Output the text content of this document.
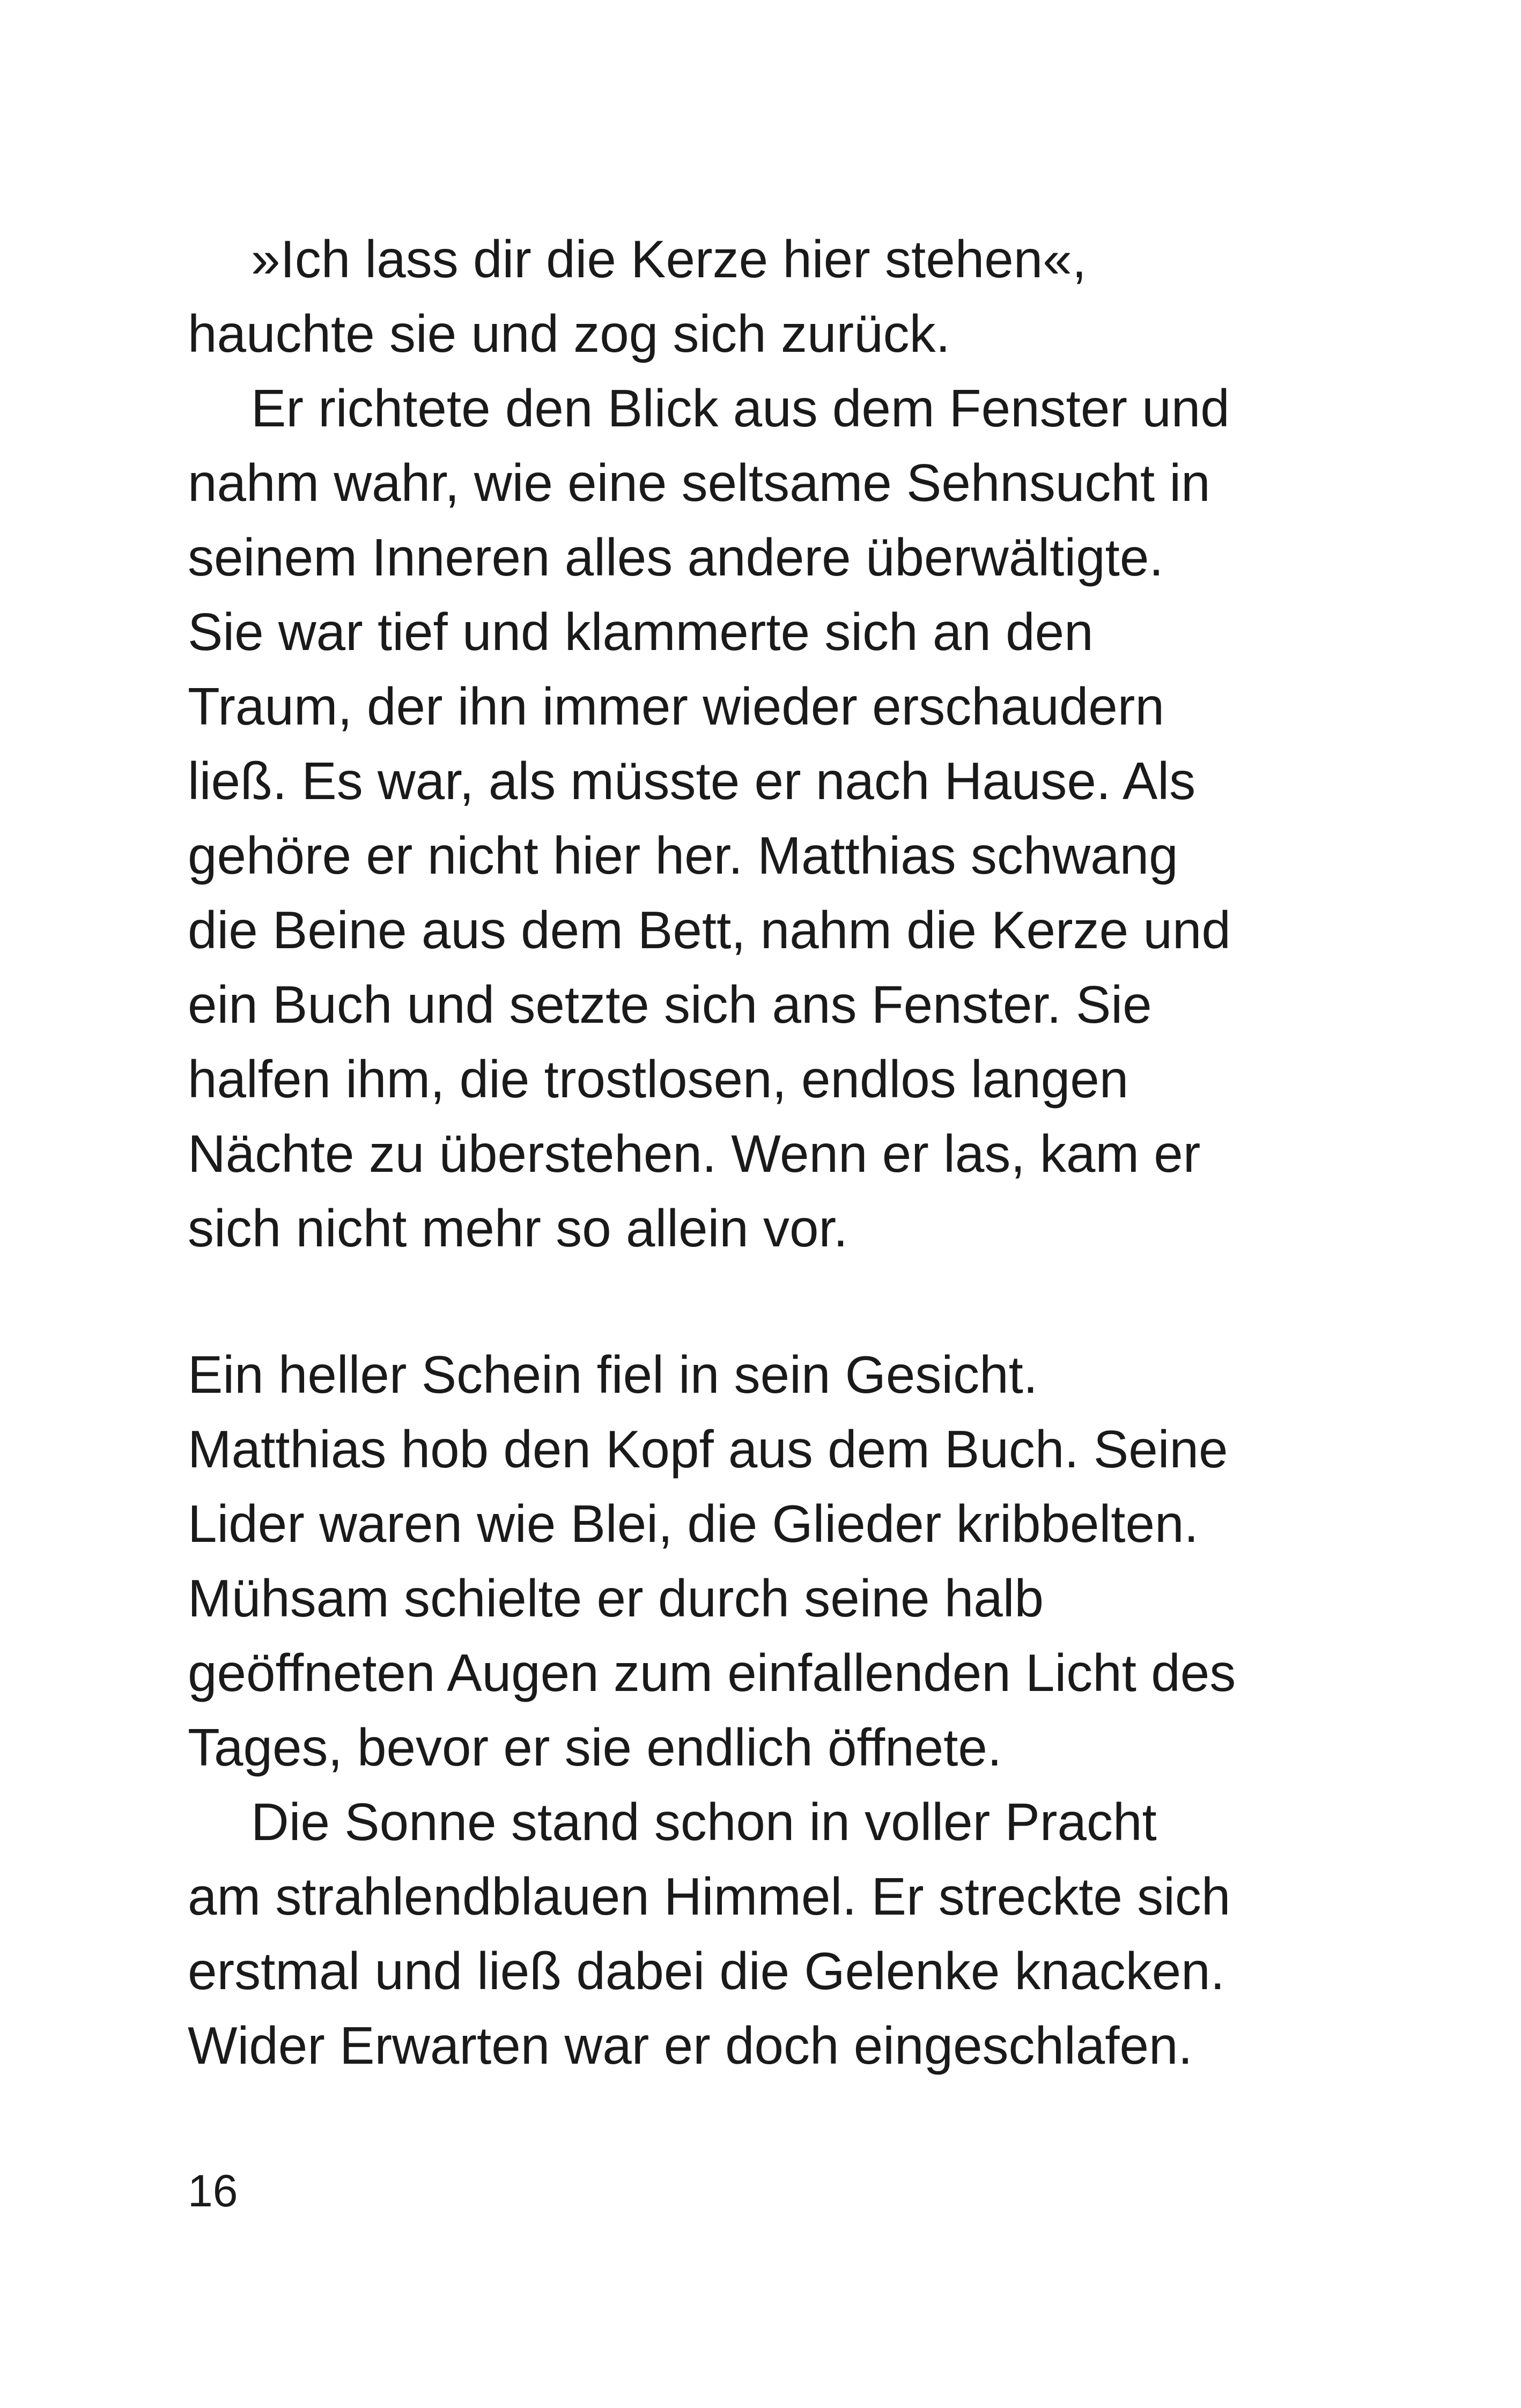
»Ich lass dir die Kerze hier stehen«,
hauchte sie und zog sich zurück.
Er richtete den Blick aus dem Fenster und
nahm wahr, wie eine seltsame Sehnsucht in
seinem Inneren alles andere überwältigte.
Sie war tief und klammerte sich an den
Traum, der ihn immer wieder erschaudern
ließ. Es war, als müsste er nach Hause. Als
gehöre er nicht hier her. Matthias schwang
die Beine aus dem Bett, nahm die Kerze und
ein Buch und setzte sich ans Fenster. Sie
halfen ihm, die trostlosen, endlos langen
Nächte zu überstehen. Wenn er las, kam er
sich nicht mehr so allein vor.
Ein heller Schein fiel in sein Gesicht.
Matthias hob den Kopf aus dem Buch. Seine
Lider waren wie Blei, die Glieder kribbelten.
Mühsam schielte er durch seine halb
geöffneten Augen zum einfallenden Licht des
Tages, bevor er sie endlich öffnete.
Die Sonne stand schon in voller Pracht
am strahlendblauen Himmel. Er streckte sich
erstmal und ließ dabei die Gelenke knacken.
Wider Erwarten war er doch eingeschlafen.
16
